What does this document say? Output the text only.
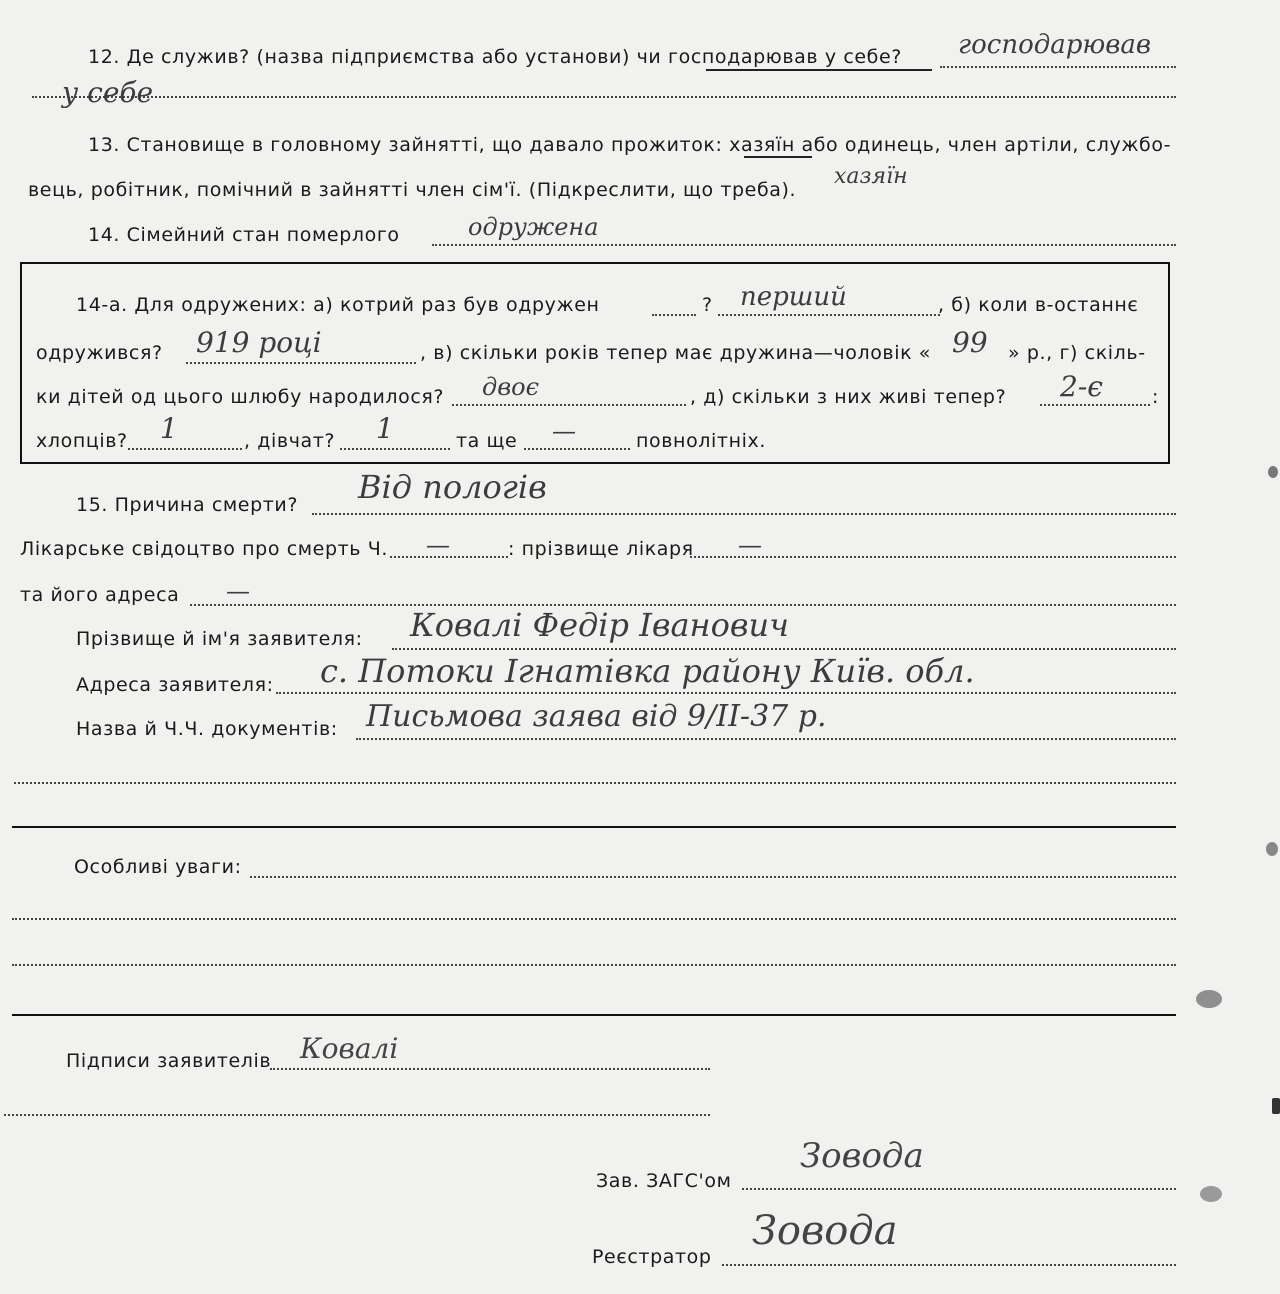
12. Де служив? (назва підприємства або установи) чи господарював у себе? господарював
у себе
13. Становище в головному зайнятті, що давало прожиток: хазяїн або одинець, член артіли, службо-
вець, робітник, помічний в зайнятті член сім'ї. (Підкреслити, що треба).
хазяїн
14. Сімейний стан померлого	одружена
14-а. Для одружених: а) котрий раз був одружен	? перший	, б) коли в-останнє
одружився? 919 році	, в) скільки років тепер має дружина—чоловік « 99 » р., г) скіль-
ки дітей од цього шлюбу народилося? двоє	, д) скільки з них живі тепер? 2-є	:
хлопців? 1	, дівчат? 1	та ще —	повнолітніх.
15. Причина смерти? Від пологів
Лікарське свідоцтво про смерть Ч. —	: прізвище лікаря —
та його адреса —
Прізвище й ім'я заявителя: Ковалі Федір Іванович
Адреса заявителя: с. Потоки Ігнатівка району Київ. обл.
Назва й Ч.Ч. документів: Письмова заява від 9/II-37 р.
Особливі уваги:
Підписи заявителів Ковалі
Зав. ЗАГС'ом
Зовода
Реєстратор
Зовода
